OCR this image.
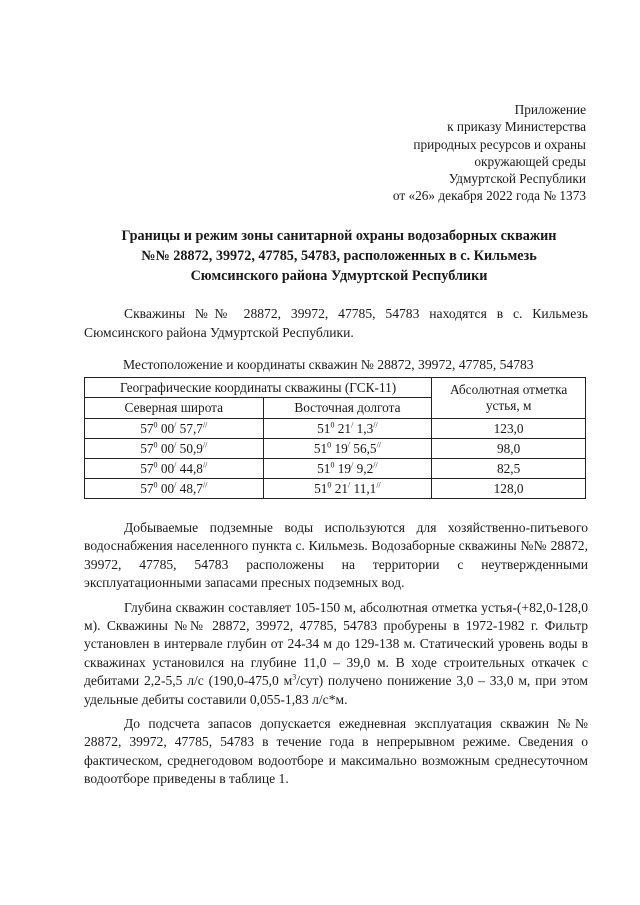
Приложение
к приказу Министерства
природных ресурсов и охраны
окружающей среды
Удмуртской Республики
от «26» декабря 2022 года № 1373
Границы и режим зоны санитарной охраны водозаборных скважин
№№ 28872, 39972, 47785, 54783, расположенных в с. Кильмезь
Сюмсинского района Удмуртской Республики
Скважины №№ 28872, 39972, 47785, 54783 находятся в с. Кильмезь Сюмсинского района Удмуртской Республики.
Местоположение и координаты скважин № 28872, 39972, 47785, 54783
Географические координаты скважины (ГСК-11)		Абсолютная отметка устья, м
Северная широта	Восточная долгота	
$57^0$ 00/ 57,7//	$51^0$ 21/ 1,3//	123,0
$57^0$ 00/ 50,9//	$51^0$ 19/ 56,5//	98,0
$57^0$ 00/ 44,8//	$51^0$ 19/ 9,2//	82,5
$57^0$ 00/ 48,7//	$51^0$ 21/ 11,1//	128,0

Добываемые подземные воды используются для хозяйственно-питьевого водоснабжения населенного пункта с. Кильмезь. Водозаборные скважины №№ 28872, 39972, 47785, 54783 расположены на территории с неутвержденными эксплуатационными запасами пресных подземных вод.

Глубина скважин составляет 105-150 м, абсолютная отметка устья-(+82,0-128,0 м). Скважины №№ 28872, 39972, 47785, 54783 пробурены в 1972-1982 г. Фильтр установлен в интервале глубин от 24-34 м до 129-138 м. Статический уровень воды в скважинах установился на глубине 11,0 – 39,0 м. В ходе строительных откачек с дебитами 2,2-5,5 л/с (190,0-475,0 $м^3/сут$) получено понижение 3,0 – 33,0 м, при этом удельные дебиты составили 0,055-1,83 л/с*м.

До подсчета запасов допускается ежедневная эксплуатация скважин №№ 28872, 39972, 47785, 54783 в течение года в непрерывном режиме. Сведения о фактическом, среднегодовом водоотборе и максимально возможным среднесуточном водоотборе приведены в таблице 1.
